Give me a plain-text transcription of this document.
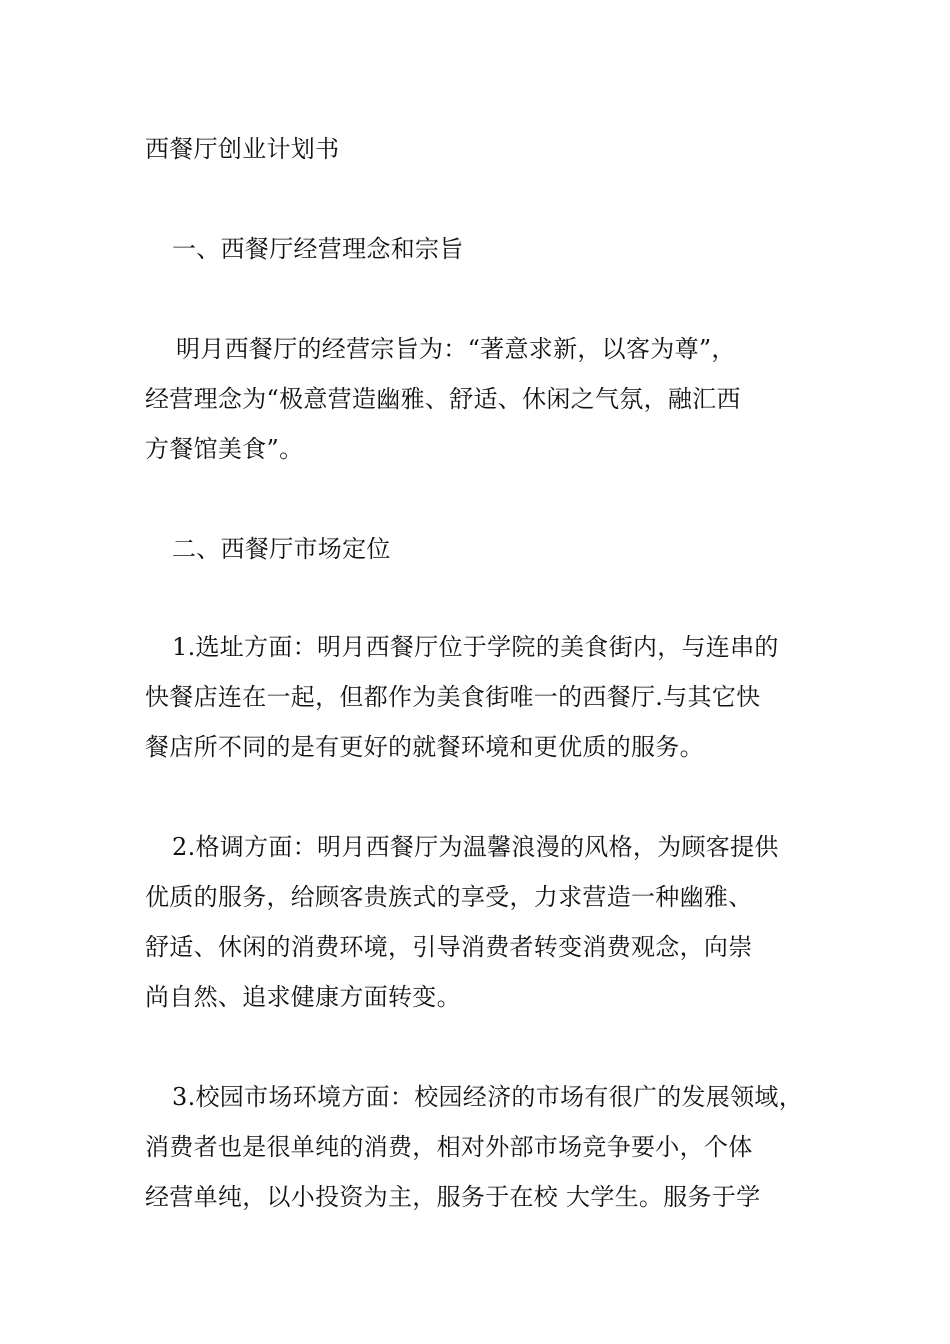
西餐厅创业计划书
一、西餐厅经营理念和宗旨
明月西餐厅的经营宗旨为：“著意求新，以客为尊”，
经营理念为“极意营造幽雅、舒适、休闲之气氛，融汇西
方餐馆美食”。
二、西餐厅市场定位
1.选址方面：明月西餐厅位于学院的美食街内，与连串的
快餐店连在一起，但都作为美食街唯一的西餐厅.与其它快
餐店所不同的是有更好的就餐环境和更优质的服务。
2.格调方面：明月西餐厅为温馨浪漫的风格，为顾客提供
优质的服务，给顾客贵族式的享受，力求营造一种幽雅、
舒适、休闲的消费环境，引导消费者转变消费观念，向崇
尚自然、追求健康方面转变。
3.校园市场环境方面：校园经济的市场有很广的发展领域，
消费者也是很单纯的消费，相对外部市场竞争要小，个体
经营单纯，以小投资为主，服务于在校 大学生。服务于学
